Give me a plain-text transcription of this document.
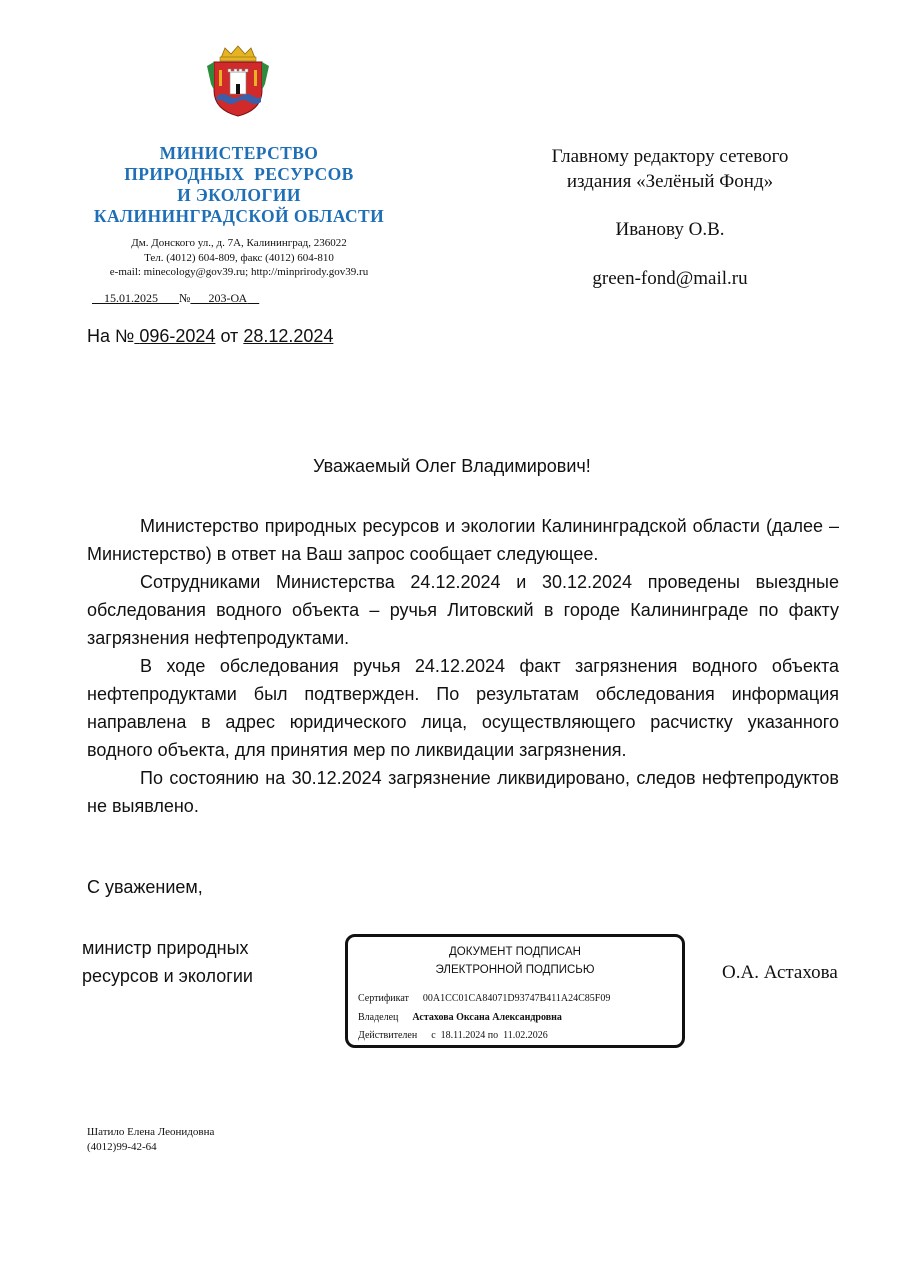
МИНИСТЕРСТВО
ПРИРОДНЫХ  РЕСУРСОВ
И ЭКОЛОГИИ
КАЛИНИНГРАДСКОЙ ОБЛАСТИ
Дм. Донского ул., д. 7А, Калининград, 236022
Тел. (4012) 604-809, факс (4012) 604-810
e-mail: minecology@gov39.ru; http://minprirody.gov39.ru
15.01.2025 № 203-ОА
На № 096-2024 от 28.12.2024
Главному редактору сетевого
издания «Зелёный Фонд»
Иванову О.В.
green-fond@mail.ru
Уважаемый Олег Владимирович!

Министерство природных ресурсов и экологии Калининградской области (далее – Министерство) в ответ на Ваш запрос сообщает следующее.

Сотрудниками Министерства 24.12.2024 и 30.12.2024 проведены выездные обследования водного объекта – ручья Литовский в городе Калининграде по факту загрязнения нефтепродуктами.

В ходе обследования ручья 24.12.2024 факт загрязнения водного объекта нефтепродуктами был подтвержден. По результатам обследования информация направлена в адрес юридического лица, осуществляющего расчистку указанного водного объекта, для принятия мер по ликвидации загрязнения.

По состоянию на 30.12.2024 загрязнение ликвидировано, следов нефтепродуктов не выявлено.

С уважением,
министр природных
ресурсов и экологии
ДОКУМЕНТ ПОДПИСАН
ЭЛЕКТРОННОЙ ПОДПИСЬЮ
Сертификат 00A1CC01CA84071D93747B411A24C85F09
Владелец Астахова Оксана Александровна
Действителен с  18.11.2024 по  11.02.2026
О.А. Астахова
Шатило Елена Леонидовна
(4012)99-42-64
